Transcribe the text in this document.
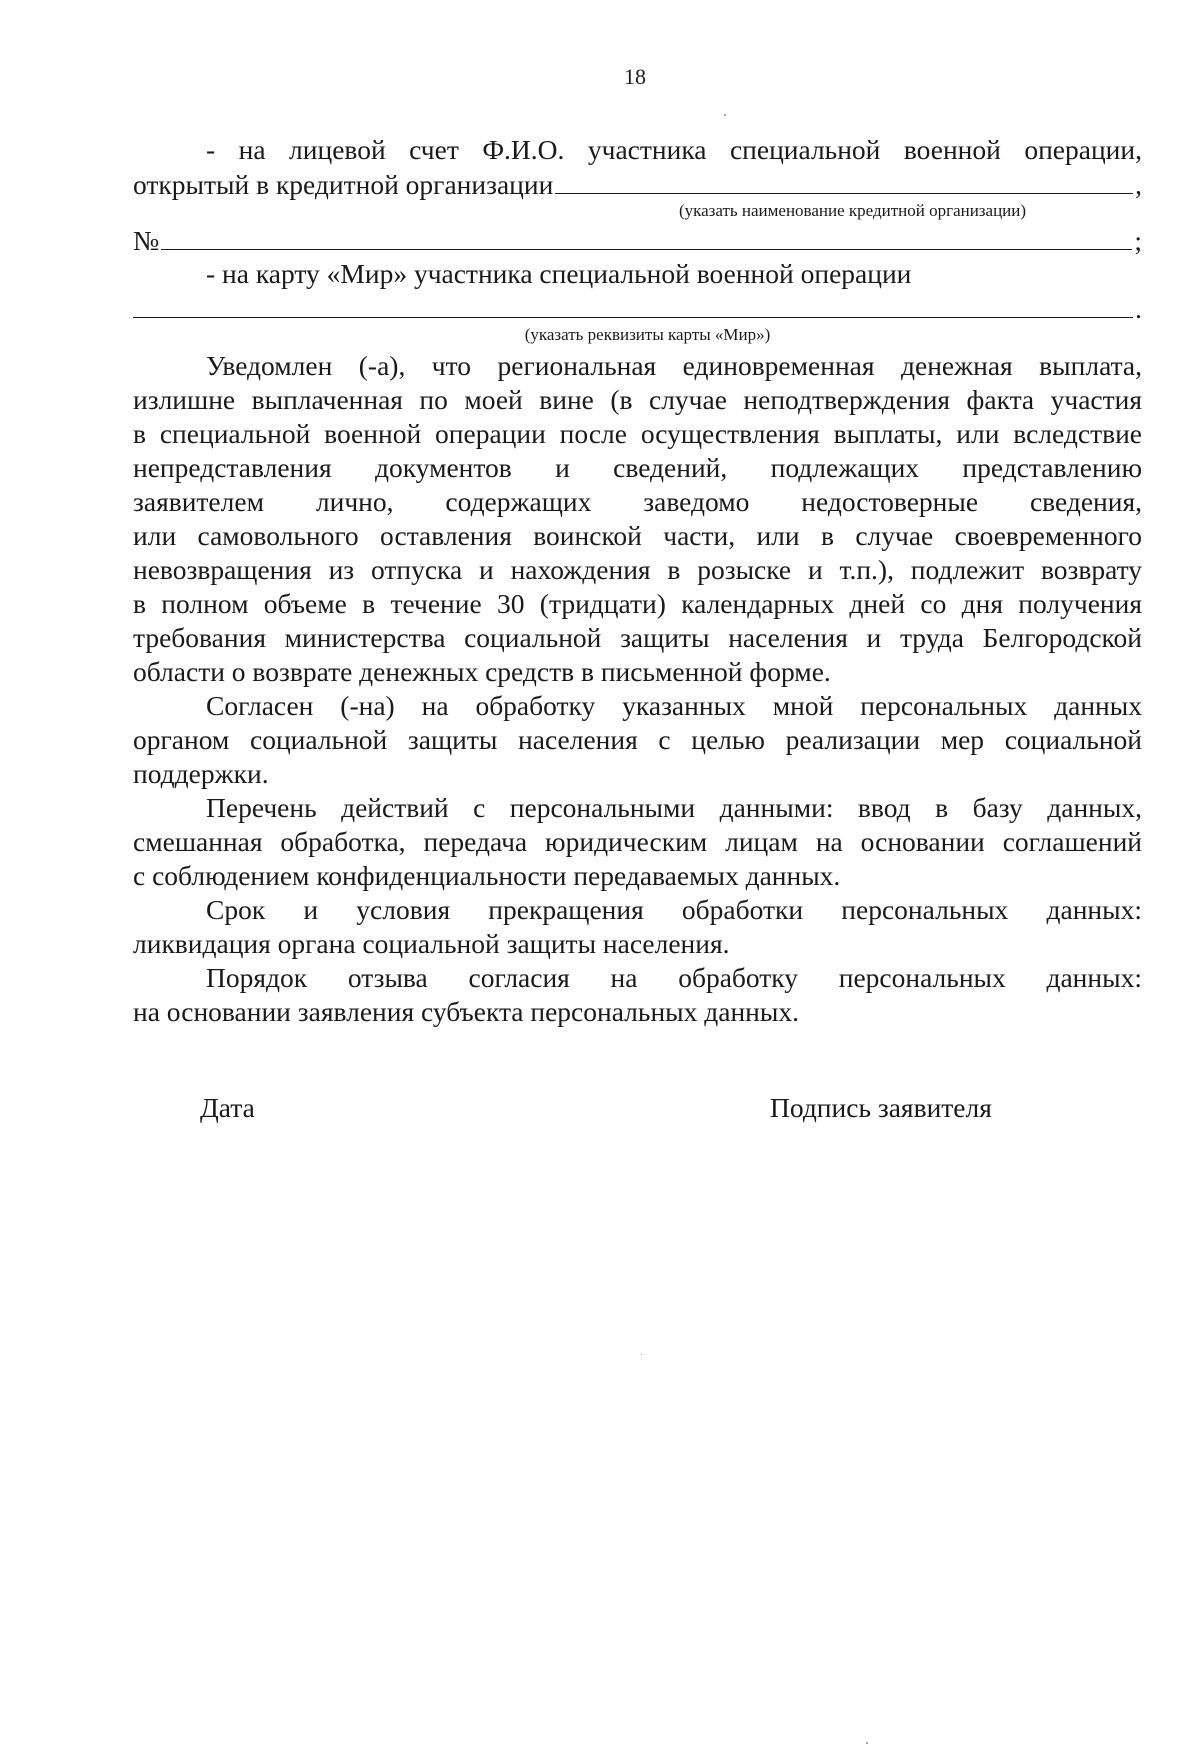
18
- на лицевой счет Ф.И.О. участника специальной военной операции,
открытый в кредитной организации	,
(указать наименование кредитной организации)
№	;
- на карту «Мир» участника специальной военной операции
.
(указать реквизиты карты «Мир»)
Уведомлен (-а), что региональная единовременная денежная выплата,
излишне выплаченная по моей вине (в случае неподтверждения факта участия
в специальной военной операции после осуществления выплаты, или вследствие
непредставления документов и сведений, подлежащих представлению
заявителем лично, содержащих заведомо недостоверные сведения,
или самовольного оставления воинской части, или в случае своевременного
невозвращения из отпуска и нахождения в розыске и т.п.), подлежит возврату
в полном объеме в течение 30 (тридцати) календарных дней со дня получения
требования министерства социальной защиты населения и труда Белгородской
области о возврате денежных средств в письменной форме.
Согласен (-на) на обработку указанных мной персональных данных
органом социальной защиты населения с целью реализации мер социальной
поддержки.
Перечень действий с персональными данными: ввод в базу данных,
смешанная обработка, передача юридическим лицам на основании соглашений
с соблюдением конфиденциальности передаваемых данных.
Срок и условия прекращения обработки персональных данных:
ликвидация органа социальной защиты населения.
Порядок отзыва согласия на обработку персональных данных:
на основании заявления субъекта персональных данных.
Дата	Подпись заявителя
